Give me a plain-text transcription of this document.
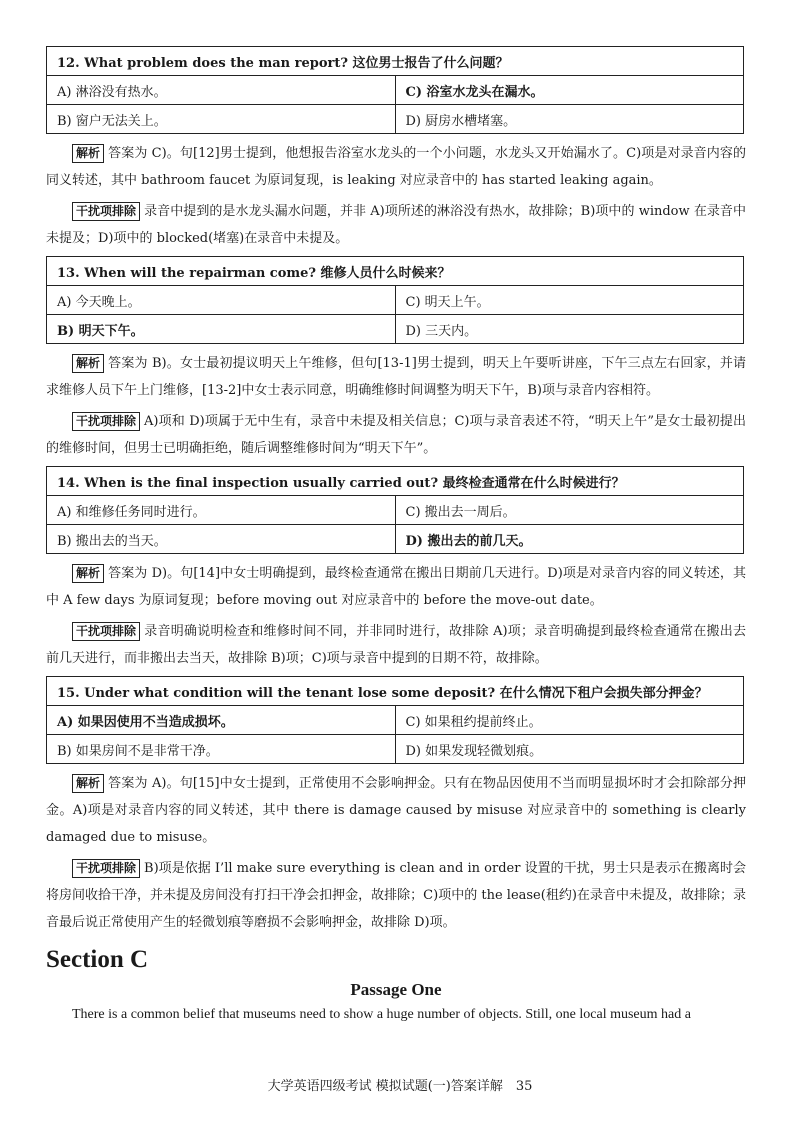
12. What problem does the man report? 这位男士报告了什么问题？	
A) 淋浴没有热水。	C) 浴室水龙头在漏水。
B) 窗户无法关上。	D) 厨房水槽堵塞。

解析 答案为 C)。句[12]男士提到，他想报告浴室水龙头的一个小问题，水龙头又开始漏水了。C)项是对录音内容的同义转述，其中 bathroom faucet 为原词复现，is leaking 对应录音中的 has started leaking again。

干扰项排除 录音中提到的是水龙头漏水问题，并非 A)项所述的淋浴没有热水，故排除；B)项中的 window 在录音中未提及；D)项中的 blocked(堵塞)在录音中未提及。

13. When will the repairman come? 维修人员什么时候来？	
A) 今天晚上。	C) 明天上午。
B) 明天下午。	D) 三天内。

解析 答案为 B)。女士最初提议明天上午维修，但句[13-1]男士提到，明天上午要听讲座，下午三点左右回家，并请求维修人员下午上门维修，[13-2]中女士表示同意，明确维修时间调整为明天下午，B)项与录音内容相符。

干扰项排除 A)项和 D)项属于无中生有，录音中未提及相关信息；C)项与录音表述不符，“明天上午”是女士最初提出的维修时间，但男士已明确拒绝，随后调整维修时间为“明天下午”。

14. When is the final inspection usually carried out? 最终检查通常在什么时候进行？	
A) 和维修任务同时进行。	C) 搬出去一周后。
B) 搬出去的当天。	D) 搬出去的前几天。

解析 答案为 D)。句[14]中女士明确提到，最终检查通常在搬出日期前几天进行。D)项是对录音内容的同义转述，其中 A few days 为原词复现；before moving out 对应录音中的 before the move-out date。

干扰项排除 录音明确说明检查和维修时间不同，并非同时进行，故排除 A)项；录音明确提到最终检查通常在搬出去前几天进行，而非搬出去当天，故排除 B)项；C)项与录音中提到的日期不符，故排除。

15. Under what condition will the tenant lose some deposit? 在什么情况下租户会损失部分押金？	
A) 如果因使用不当造成损坏。	C) 如果租约提前终止。
B) 如果房间不是非常干净。	D) 如果发现轻微划痕。

解析 答案为 A)。句[15]中女士提到，正常使用不会影响押金。只有在物品因使用不当而明显损坏时才会扣除部分押金。A)项是对录音内容的同义转述，其中 there is damage caused by misuse 对应录音中的 something is clearly damaged due to misuse。

干扰项排除 B)项是依据 I’ll make sure everything is clean and in order 设置的干扰，男士只是表示在搬离时会将房间收拾干净，并未提及房间没有打扫干净会扣押金，故排除；C)项中的 the lease(租约)在录音中未提及，故排除；录音最后说正常使用产生的轻微划痕等磨损不会影响押金，故排除 D)项。

Section C
Passage One

There is a common belief that museums need to show a huge number of objects. Still, one local museum had a

大学英语四级考试 模拟试题(一)答案详解　35
